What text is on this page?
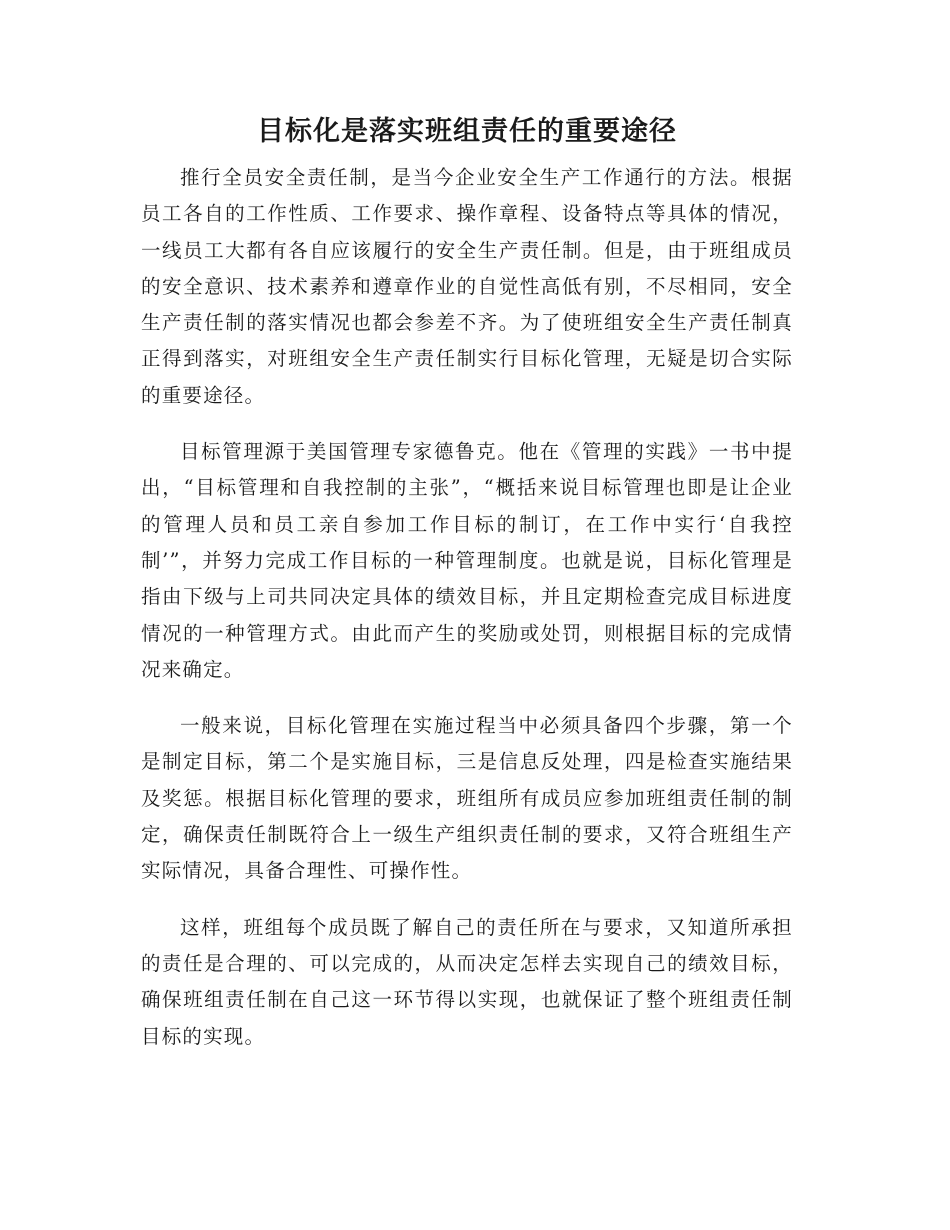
目标化是落实班组责任的重要途径

推行全员安全责任制，是当今企业安全生产工作通行的方法。根据员工各自的工作性质、工作要求、操作章程、设备特点等具体的情况，一线员工大都有各自应该履行的安全生产责任制。但是，由于班组成员的安全意识、技术素养和遵章作业的自觉性高低有别，不尽相同，安全生产责任制的落实情况也都会参差不齐。为了使班组安全生产责任制真正得到落实，对班组安全生产责任制实行目标化管理，无疑是切合实际的重要途径。

目标管理源于美国管理专家德鲁克。他在《管理的实践》一书中提出，“目标管理和自我控制的主张”，“概括来说目标管理也即是让企业的管理人员和员工亲自参加工作目标的制订，在工作中实行‘自我控制’”，并努力完成工作目标的一种管理制度。也就是说，目标化管理是指由下级与上司共同决定具体的绩效目标，并且定期检查完成目标进度情况的一种管理方式。由此而产生的奖励或处罚，则根据目标的完成情况来确定。

一般来说，目标化管理在实施过程当中必须具备四个步骤，第一个是制定目标，第二个是实施目标，三是信息反处理，四是检查实施结果及奖惩。根据目标化管理的要求，班组所有成员应参加班组责任制的制定，确保责任制既符合上一级生产组织责任制的要求，又符合班组生产实际情况，具备合理性、可操作性。

这样，班组每个成员既了解自己的责任所在与要求，又知道所承担的责任是合理的、可以完成的，从而决定怎样去实现自己的绩效目标，确保班组责任制在自己这一环节得以实现，也就保证了整个班组责任制目标的实现。
